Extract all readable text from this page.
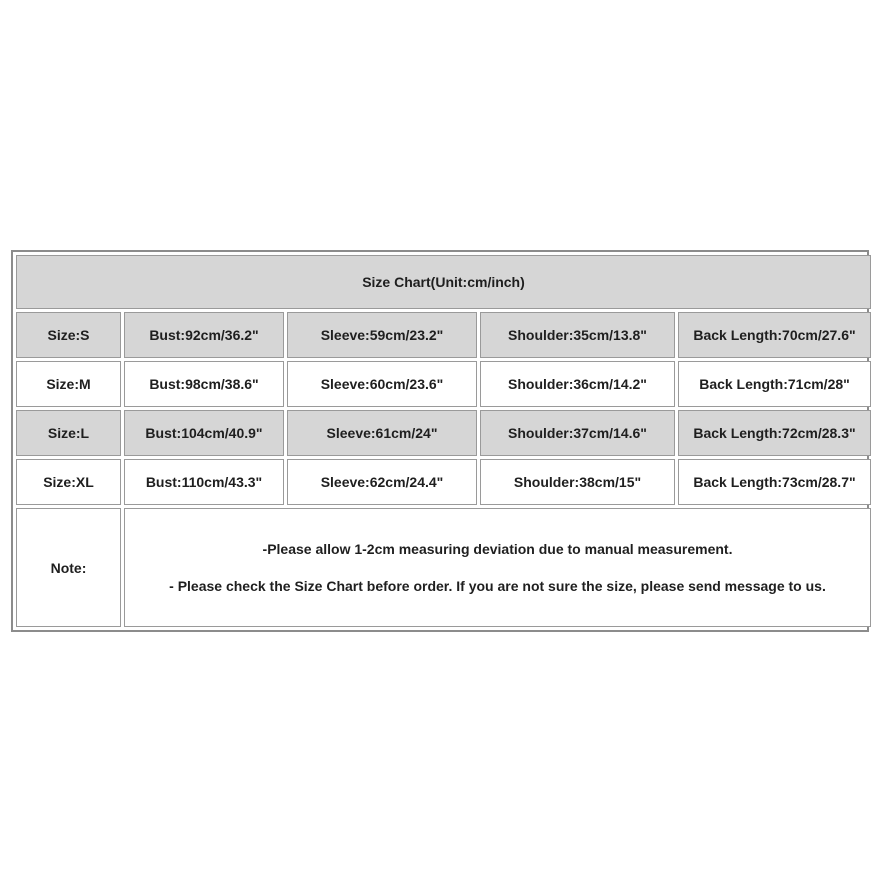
Size Chart(Unit:cm/inch)				
Size:S	Bust:92cm/36.2"	Sleeve:59cm/23.2"	Shoulder:35cm/13.8"	Back Length:70cm/27.6"
Size:M	Bust:98cm/38.6"	Sleeve:60cm/23.6"	Shoulder:36cm/14.2"	Back Length:71cm/28"
Size:L	Bust:104cm/40.9"	Sleeve:61cm/24"	Shoulder:37cm/14.6"	Back Length:72cm/28.3"
Size:XL	Bust:110cm/43.3"	Sleeve:62cm/24.4"	Shoulder:38cm/15"	Back Length:73cm/28.7"
Note:	-Please allow 1-2cm measuring deviation due to manual measurement.

- Please check the Size Chart before order. If you are not sure the size, please send message to us.			
